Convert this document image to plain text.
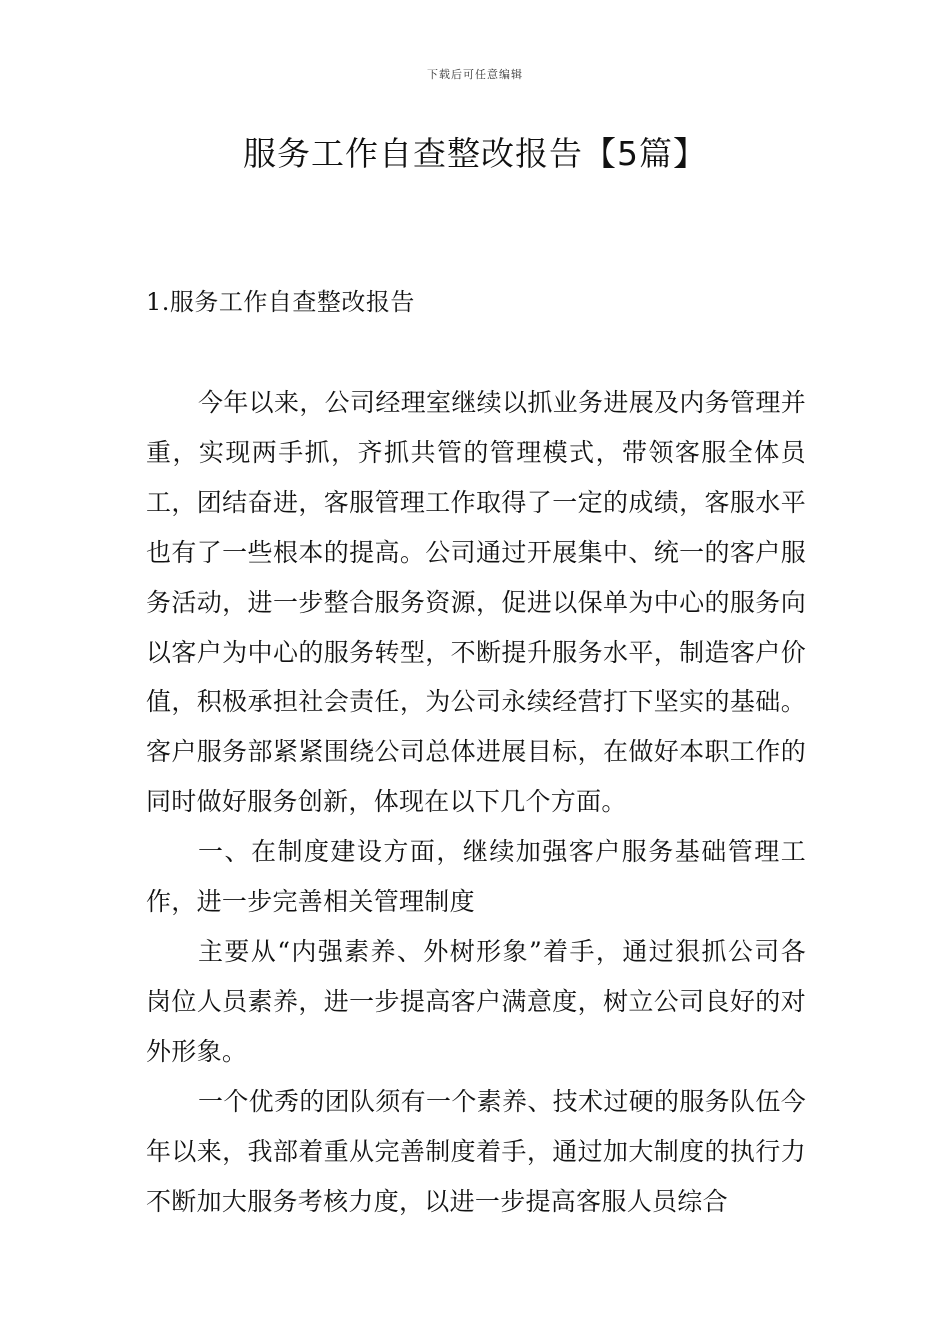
下载后可任意编辑
服务工作自查整改报告【5篇】
1.服务工作自查整改报告

今年以来，公司经理室继续以抓业务进展及内务管理并重，实现两手抓，齐抓共管的管理模式，带领客服全体员工，团结奋进，客服管理工作取得了一定的成绩，客服水平也有了一些根本的提高。公司通过开展集中、统一的客户服务活动，进一步整合服务资源，促进以保单为中心的服务向以客户为中心的服务转型，不断提升服务水平，制造客户价值，积极承担社会责任，为公司永续经营打下坚实的基础。客户服务部紧紧围绕公司总体进展目标，在做好本职工作的同时做好服务创新，体现在以下几个方面。

一、在制度建设方面，继续加强客户服务基础管理工作，进一步完善相关管理制度

主要从“内强素养、外树形象”着手，通过狠抓公司各岗位人员素养，进一步提高客户满意度，树立公司良好的对外形象。

一个优秀的团队须有一个素养、技术过硬的服务队伍今年以来，我部着重从完善制度着手，通过加大制度的执行力不断加大服务考核力度，以进一步提高客服人员综合
